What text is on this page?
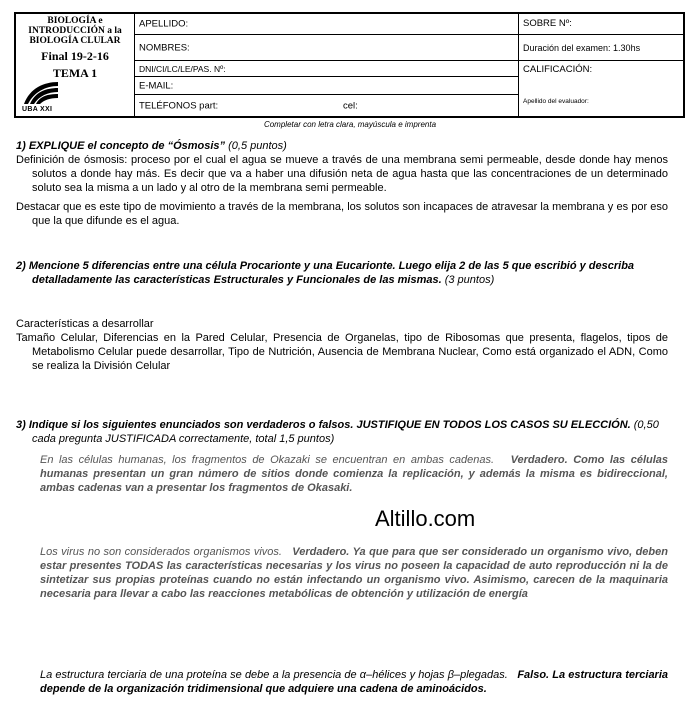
BIOLOGÍA e INTRODUCCIÓN a la BIOLOGÍA CLULAR
Final 19-2-16
TEMA 1
UBA XXI
APELLIDO:
NOMBRES:
DNI/CI/LC/LE/PAS. Nº:
E-MAIL:
TELÉFONOS part:	cel:
SOBRE Nº:
Duración del examen: 1.30hs
CALIFICACIÓN:
Apellido del evaluador:
Completar con letra clara, mayúscula e imprenta
1) EXPLIQUE el concepto de “Ósmosis” (0,5 puntos)
Definición de ósmosis: proceso por el cual el agua se mueve a través de una membrana semi permeable, desde donde hay menos solutos a donde hay más. Es decir que va a haber una difusión neta de agua hasta que las concentraciones de un determinado soluto sea la misma a un lado y al otro de la membrana semi permeable.
Destacar que es este tipo de movimiento a través de la membrana, los solutos son incapaces de atravesar la membrana y es por eso que la que difunde es el agua.
2) Mencione 5 diferencias entre una célula Procarionte y una Eucarionte. Luego elija 2 de las 5 que escribió y describa detalladamente las características Estructurales y Funcionales de las mismas. (3 puntos)
Características a desarrollar
Tamaño Celular, Diferencias en la Pared Celular, Presencia de Organelas, tipo de Ribosomas que presenta, flagelos, tipos de Metabolismo Celular puede desarrollar, Tipo de Nutrición, Ausencia de Membrana Nuclear, Como está organizado el ADN, Como se realiza la División Celular
3) Indique si los siguientes enunciados son verdaderos o falsos. JUSTIFIQUE EN TODOS LOS CASOS SU ELECCIÓN. (0,50 cada pregunta JUSTIFICADA correctamente, total 1,5 puntos)
En las células humanas, los fragmentos de Okazaki se encuentran en ambas cadenas. Verdadero. Como las células humanas presentan un gran número de sitios donde comienza la replicación, y además la misma es bidireccional, ambas cadenas van a presentar los fragmentos de Okasaki.
Altillo.com
Los virus no son considerados organismos vivos. Verdadero. Ya que para que ser considerado un organismo vivo, deben estar presentes TODAS las características necesarias y los virus no poseen la capacidad de auto reproducción ni la de sintetizar sus propias proteínas cuando no están infectando un organismo vivo. Asimismo, carecen de la maquinaria necesaria para llevar a cabo las reacciones metabólicas de obtención y utilización de energía
La estructura terciaria de una proteína se debe a la presencia de α–hélices y hojas β–plegadas. Falso. La estructura terciaria depende de la organización tridimensional que adquiere una cadena de aminoácidos.
